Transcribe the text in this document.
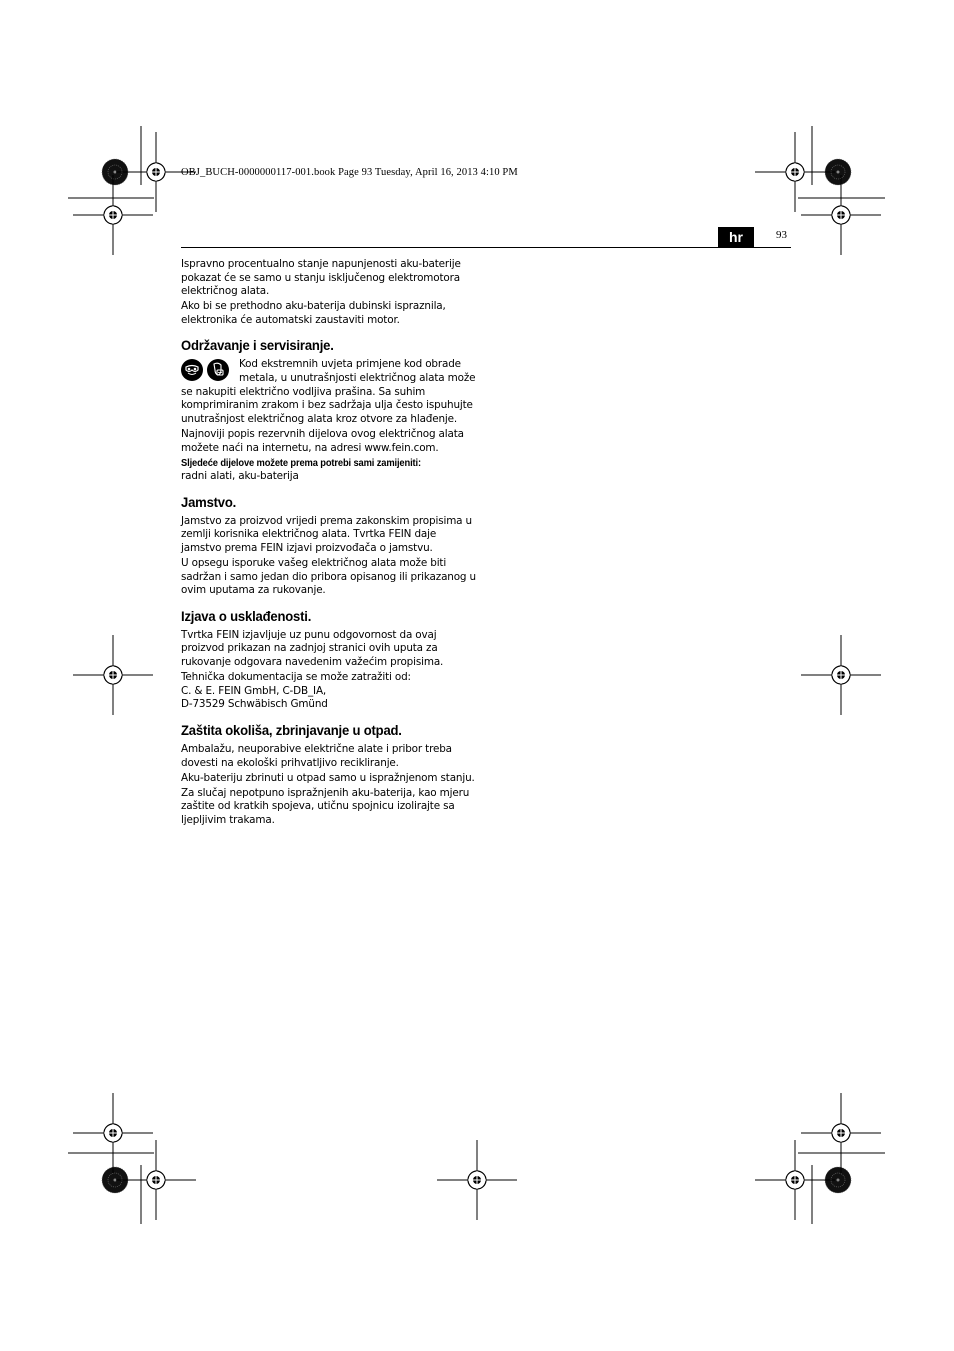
OBJ_BUCH-0000000117-001.book Page 93 Tuesday, April 16, 2013 4:10 PM
hr	93

Ispravno procentualno stanje napunjenosti aku-baterije pokazat će se samo u stanju isključenog elektromotora električnog alata.

Ako bi se prethodno aku-baterija dubinski ispraznila, elektronika će automatski zaustaviti motor.

Održavanje i servisiranje.

Kod ekstremnih uvjeta primjene kod obrade metala, u unutrašnjosti električnog alata može se nakupiti električno vodljiva prašina. Sa suhim komprimiranim zrakom i bez sadržaja ulja često ispuhujte unutrašnjost električnog alata kroz otvore za hlađenje.

Najnoviji popis rezervnih dijelova ovog električnog alata možete naći na internetu, na adresi www.fein.com.

Sljedeće dijelove možete prema potrebi sami zamijeniti:

radni alati, aku-baterija

Jamstvo.

Jamstvo za proizvod vrijedi prema zakonskim propisima u zemlji korisnika električnog alata. Tvrtka FEIN daje jamstvo prema FEIN izjavi proizvođača o jamstvu.

U opsegu isporuke vašeg električnog alata može biti sadržan i samo jedan dio pribora opisanog ili prikazanog u ovim uputama za rukovanje.

Izjava o usklađenosti.

Tvrtka FEIN izjavljuje uz punu odgovornost da ovaj proizvod prikazan na zadnjoj stranici ovih uputa za rukovanje odgovara navedenim važećim propisima.

Tehnička dokumentacija se može zatražiti od:
C. & E. FEIN GmbH, C-DB_IA,
D-73529 Schwäbisch Gmünd

Zaštita okoliša, zbrinjavanje u otpad.

Ambalažu, neuporabive električne alate i pribor treba dovesti na ekološki prihvatljivo recikliranje.

Aku-bateriju zbrinuti u otpad samo u ispražnjenom stanju.

Za slučaj nepotpuno ispražnjenih aku-baterija, kao mjeru zaštite od kratkih spojeva, utičnu spojnicu izolirajte sa ljepljivim trakama.
